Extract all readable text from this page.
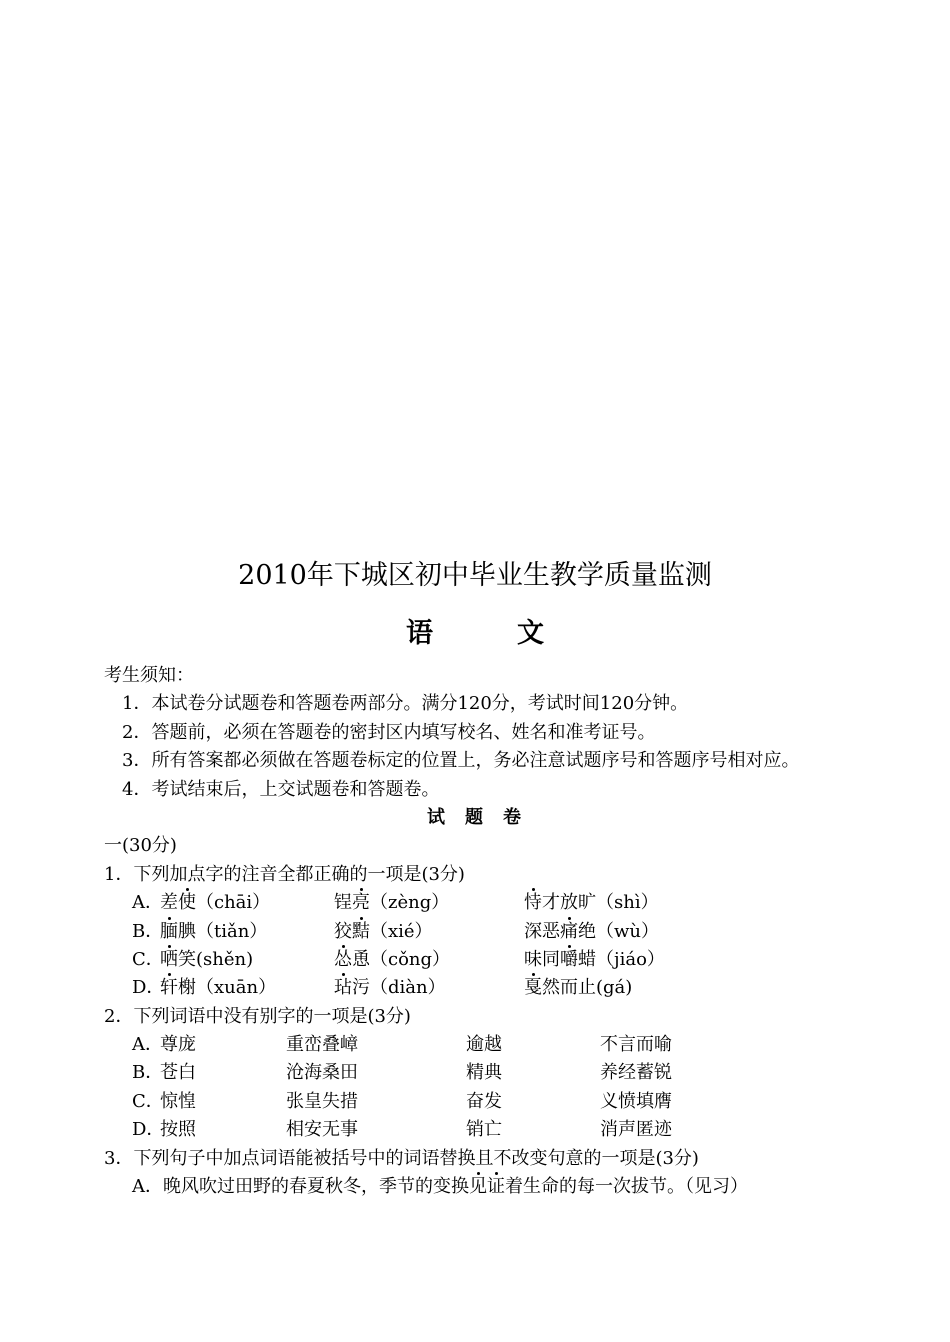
2010年下城区初中毕业生教学质量监测
语	文
考生须知：
1．本试卷分试题卷和答题卷两部分。满分120分，考试时间120分钟。
2．答题前，必须在答题卷的密封区内填写校名、姓名和准考证号。
3．所有答案都必须做在答题卷标定的位置上，务必注意试题序号和答题序号相对应。
4．考试结束后，上交试题卷和答题卷。
试 题 卷
一(30分)
1．下列加点字的注音全都正确的一项是(3分)
A．
差使（chāi）	锃亮（zèng）	恃才放旷（shì）
B．
腼腆（tiǎn）	狡黠（xié）	深恶痛绝（wù）
C．
哂笑(shěn)	怂恿（cǒng）	味同嚼蜡（jiáo）
D．
轩榭（xuān）	玷污（diàn）	戛然而止(gá)
2．下列词语中没有别字的一项是(3分)
A．
尊庞	重峦叠嶂	逾越	不言而喻
B．
苍白	沧海桑田	精典	养经蓄锐
C．
惊惶	张皇失措	奋发	义愤填膺
D．
按照	相安无事	销亡	消声匿迹
3．下列句子中加点词语能被括号中的词语替换且不改变句意的一项是(3分)
A．晚风吹过田野的春夏秋冬，季节的变换见证着生命的每一次拔节。（见习）
